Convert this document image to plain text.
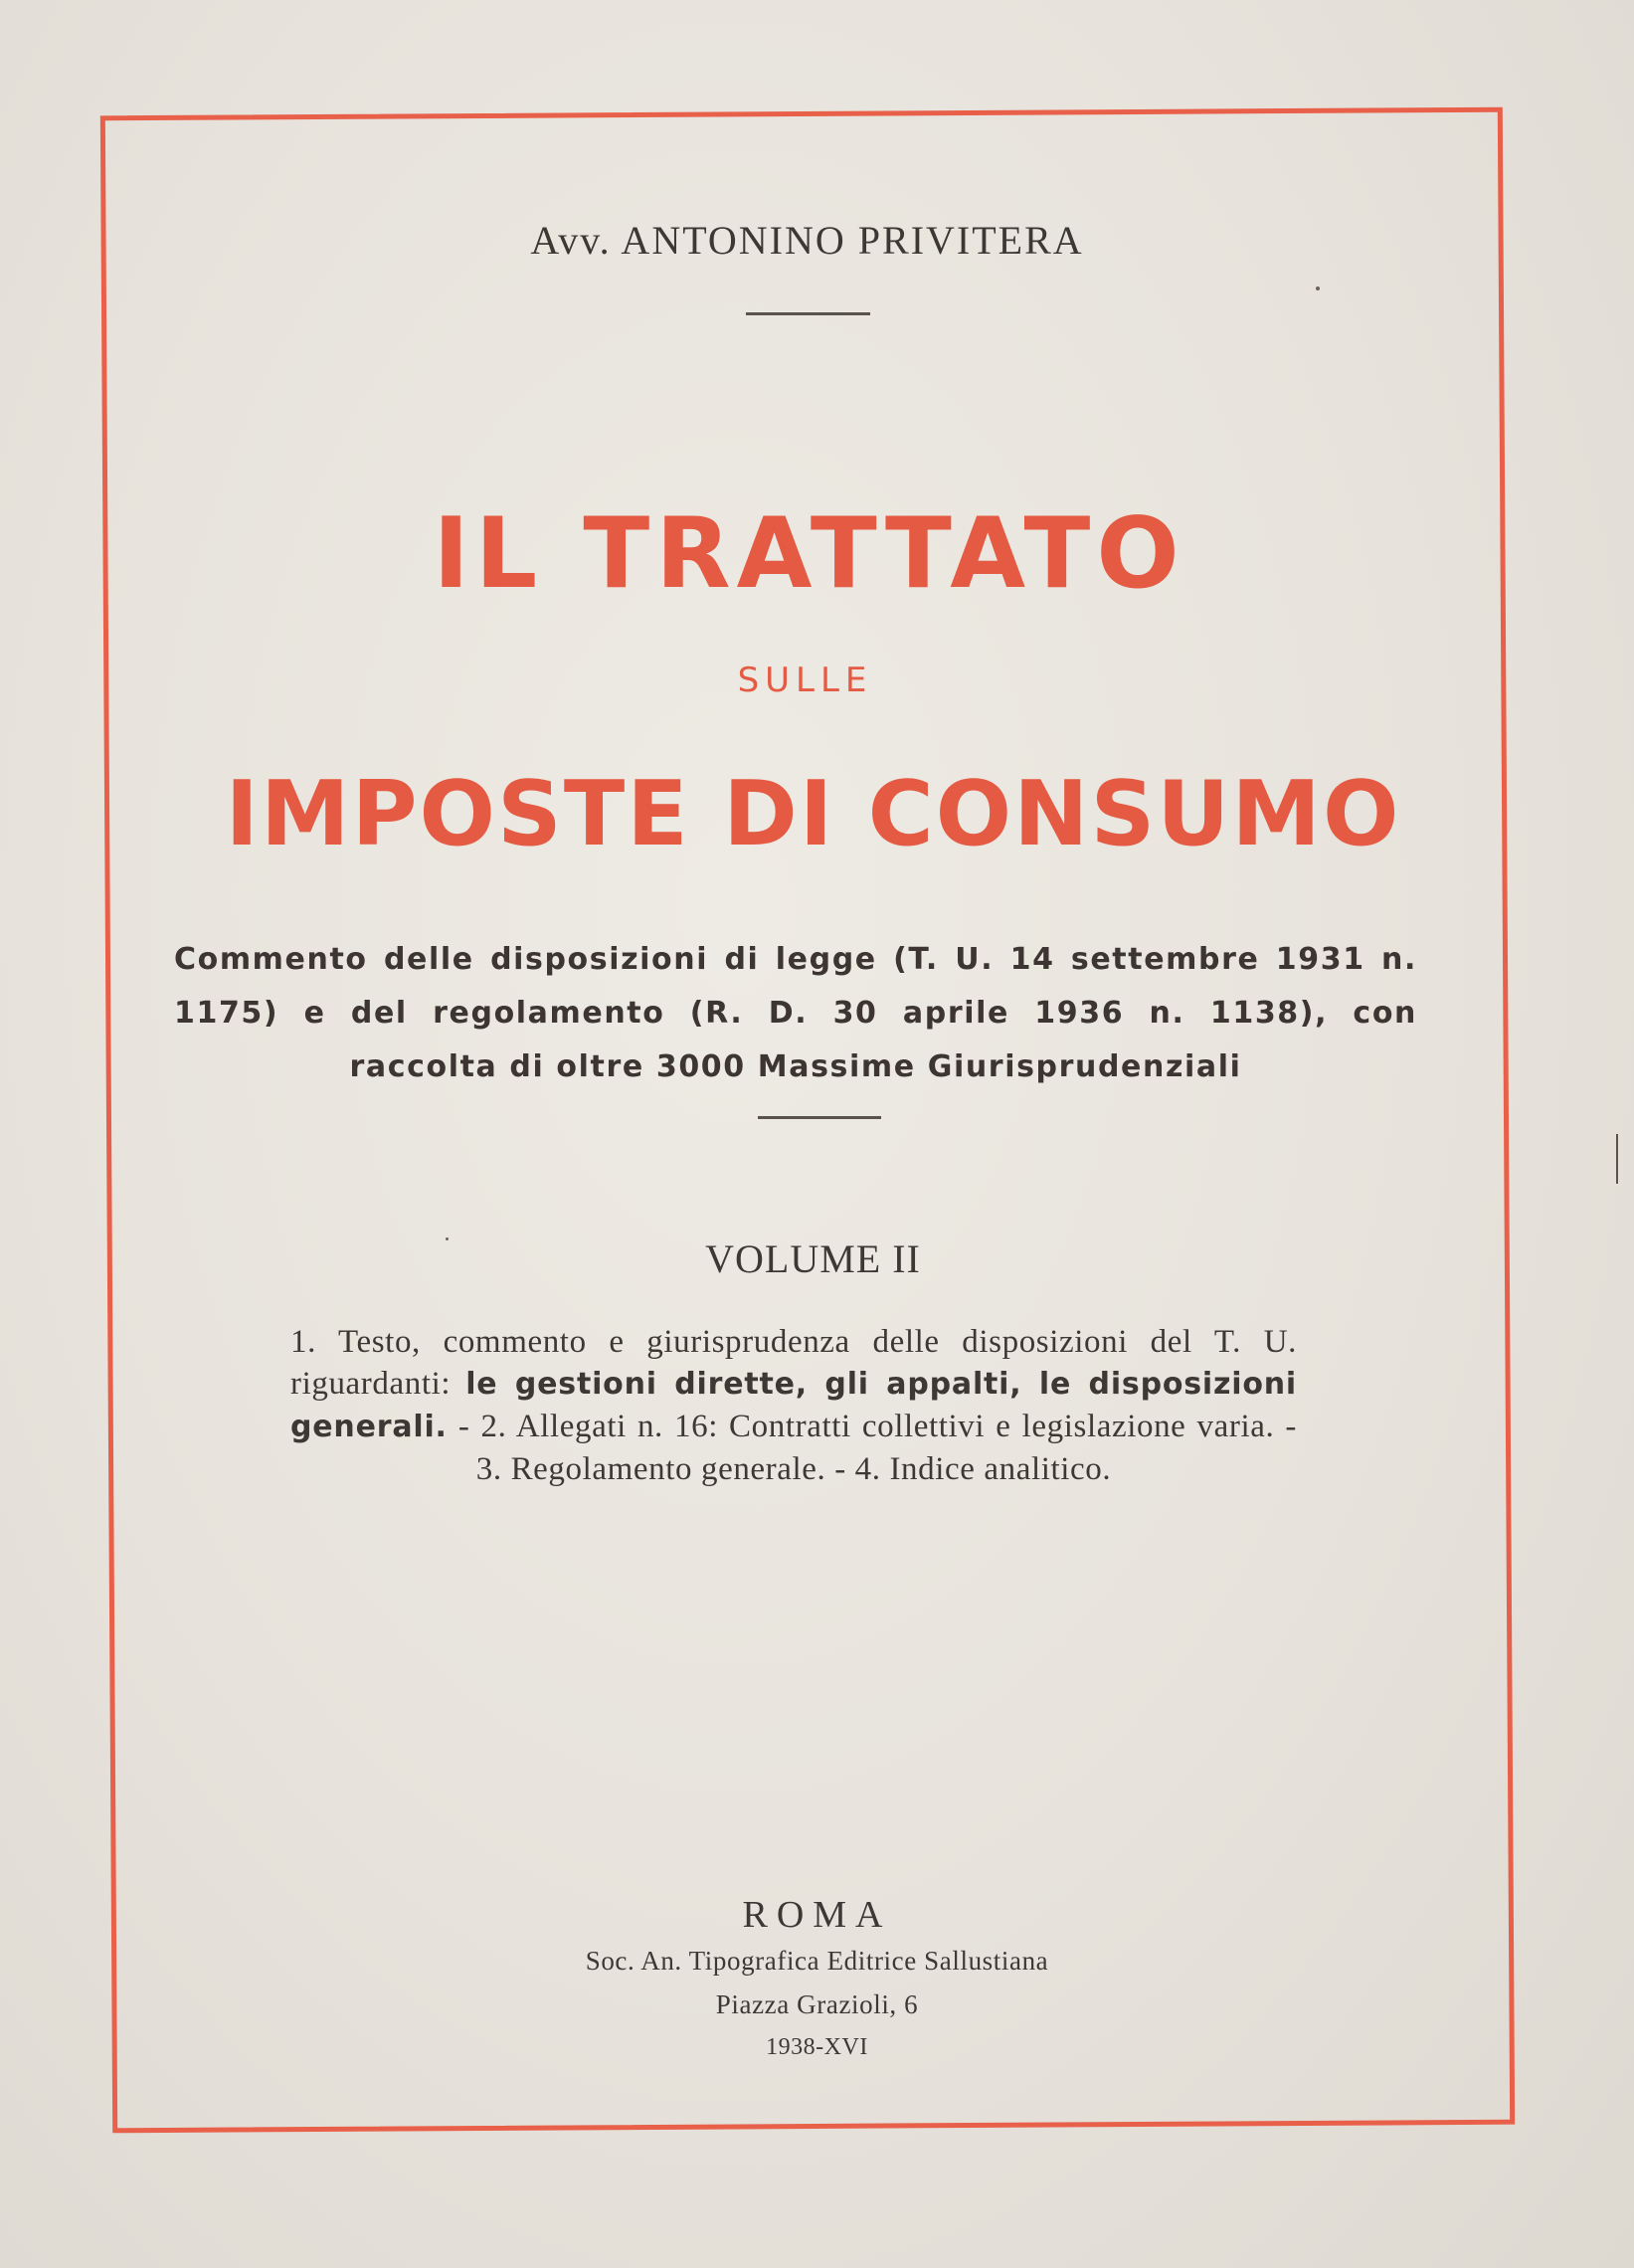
Avv. ANTONINO PRIVITERA
IL TRATTATO
SULLE
IMPOSTE DI CONSUMO
Commento delle disposizioni di legge (T. U. 14 settembre 1931 n. 1175) e del regolamento (R. D. 30 aprile 1936 n. 1138), con raccolta di oltre 3000 Massime Giurisprudenziali
VOLUME II
1. Testo, commento e giurisprudenza delle disposizioni del T. U. riguardanti: le gestioni dirette, gli appalti, le disposizioni generali. - 2. Allegati n. 16: Contratti collettivi e legislazione varia. - 3. Regolamento generale. - 4. Indice analitico.
ROMA
Soc. An. Tipografica Editrice Sallustiana
Piazza Grazioli, 6
1938-XVI
